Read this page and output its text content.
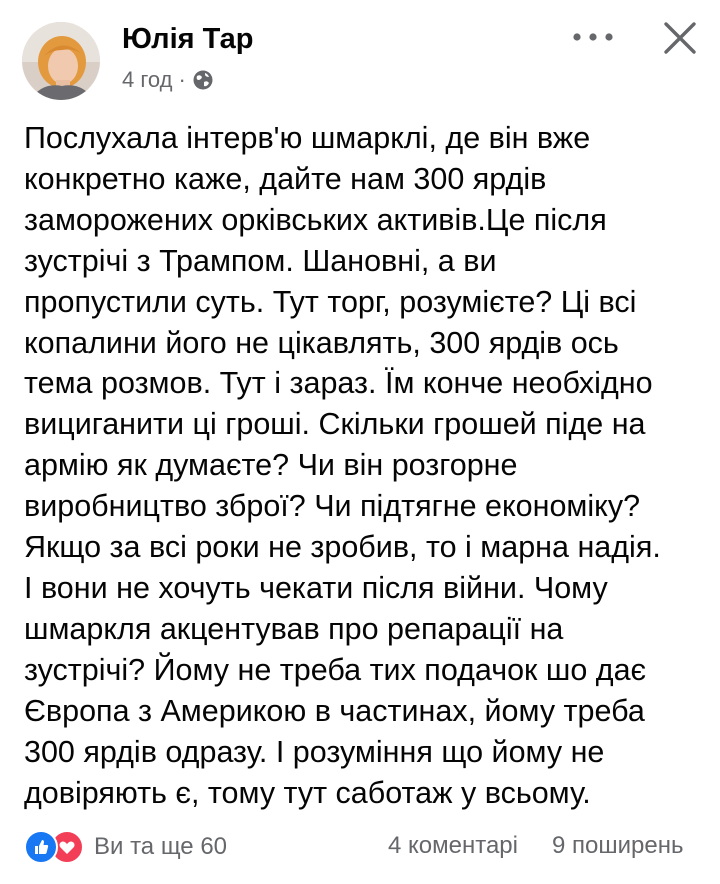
Юлія Тар
4 год ·
Послухала інтерв'ю шмарклі, де він вже
конкретно каже, дайте нам 300 ярдів
заморожених орківських активів.Це після
зустрічі з Трампом. Шановні, а ви
пропустили суть. Тут торг, розумієте? Ці всі
копалини його не цікавлять, 300 ярдів ось
тема розмов. Тут і зараз. Їм конче необхідно
вициганити ці гроші. Скільки грошей піде на
армію як думаєте? Чи він розгорне
виробництво зброї? Чи підтягне економіку?
Якщо за всі роки не зробив, то і марна надія.
І вони не хочуть чекати після війни. Чому
шмаркля акцентував про репарації на
зустрічі? Йому не треба тих подачок шо дає
Європа з Америкою в частинах, йому треба
300 ярдів одразу. І розуміння що йому не
довіряють є, тому тут саботаж у всьому.
Ви та ще 60	4 коментарі 9 поширень
